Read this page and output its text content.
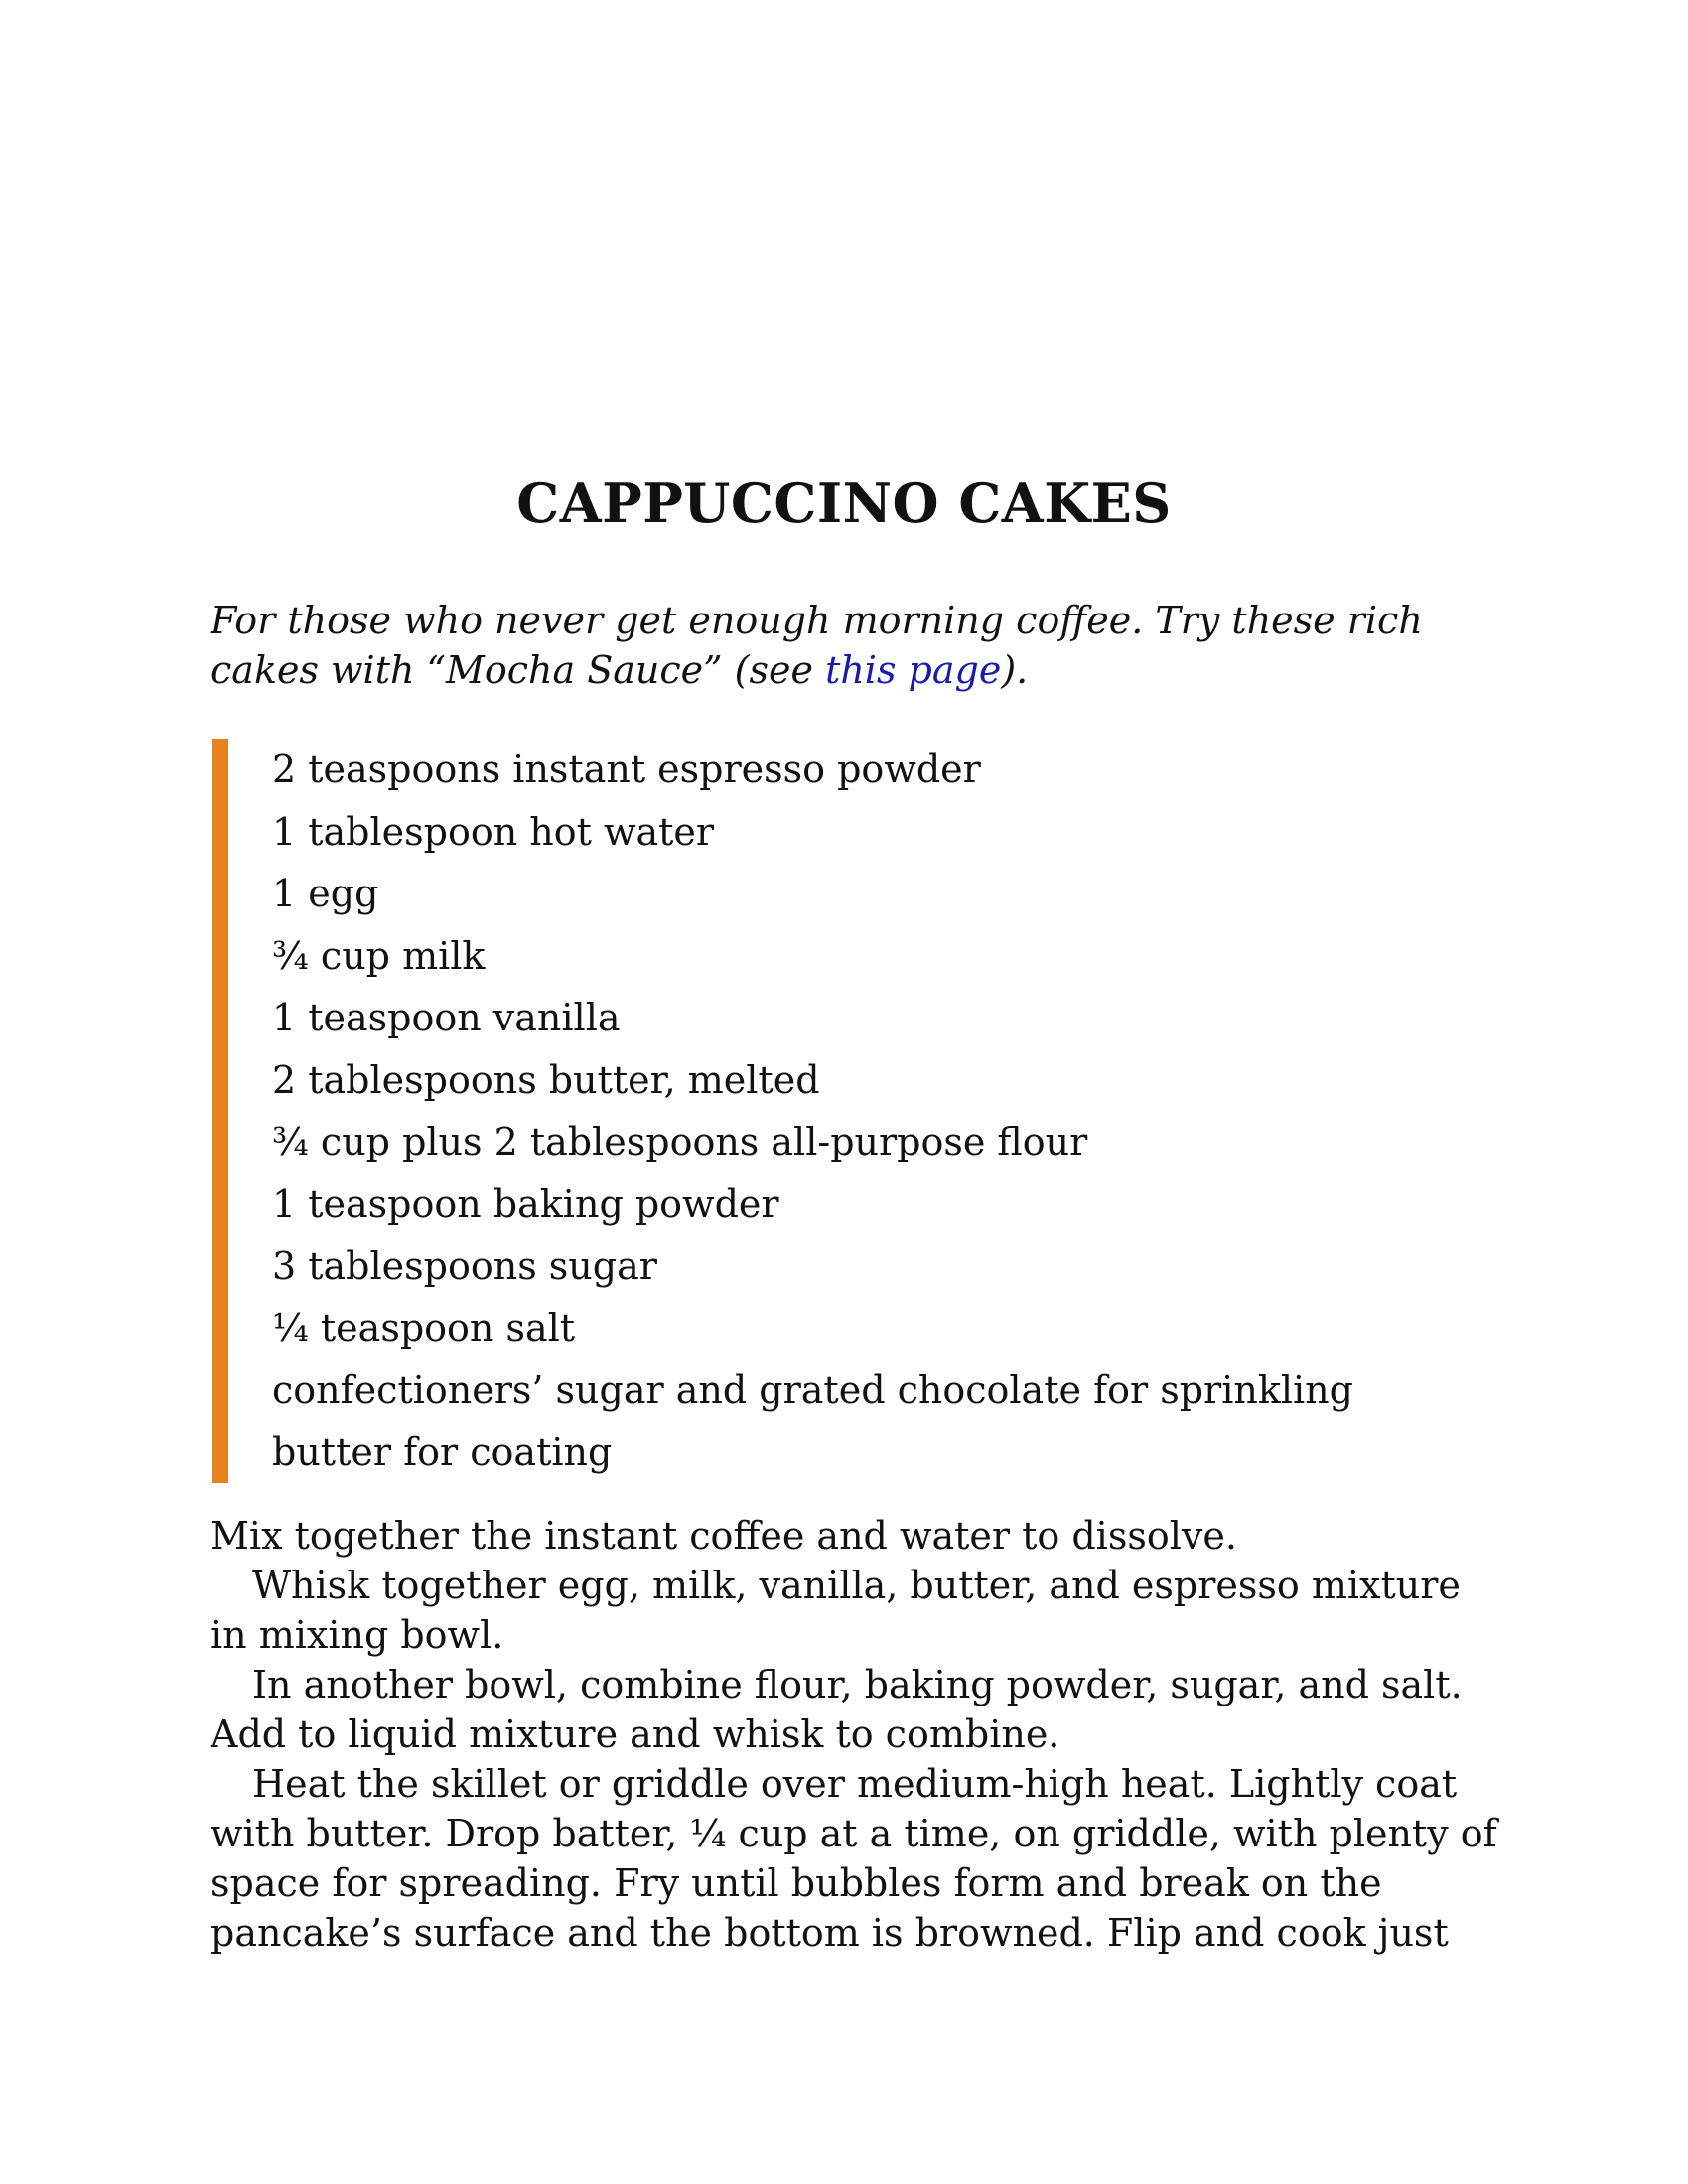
CAPPUCCINO CAKES

For those who never get enough morning coffee. Try these rich cakes with “Mocha Sauce” (see this page).

2 teaspoons instant espresso powder
1 tablespoon hot water
1 egg
¾ cup milk
1 teaspoon vanilla
2 tablespoons butter, melted
¾ cup plus 2 tablespoons all-purpose flour
1 teaspoon baking powder
3 tablespoons sugar
¼ teaspoon salt
confectioners’ sugar and grated chocolate for sprinkling
butter for coating

Mix together the instant coffee and water to dissolve.

Whisk together egg, milk, vanilla, butter, and espresso mixture in mixing bowl.

In another bowl, combine flour, baking powder, sugar, and salt. Add to liquid mixture and whisk to combine.

Heat the skillet or griddle over medium-high heat. Lightly coat with butter. Drop batter, ¼ cup at a time, on griddle, with plenty of space for spreading. Fry until bubbles form and break on the pancake’s surface and the bottom is browned. Flip and cook just
